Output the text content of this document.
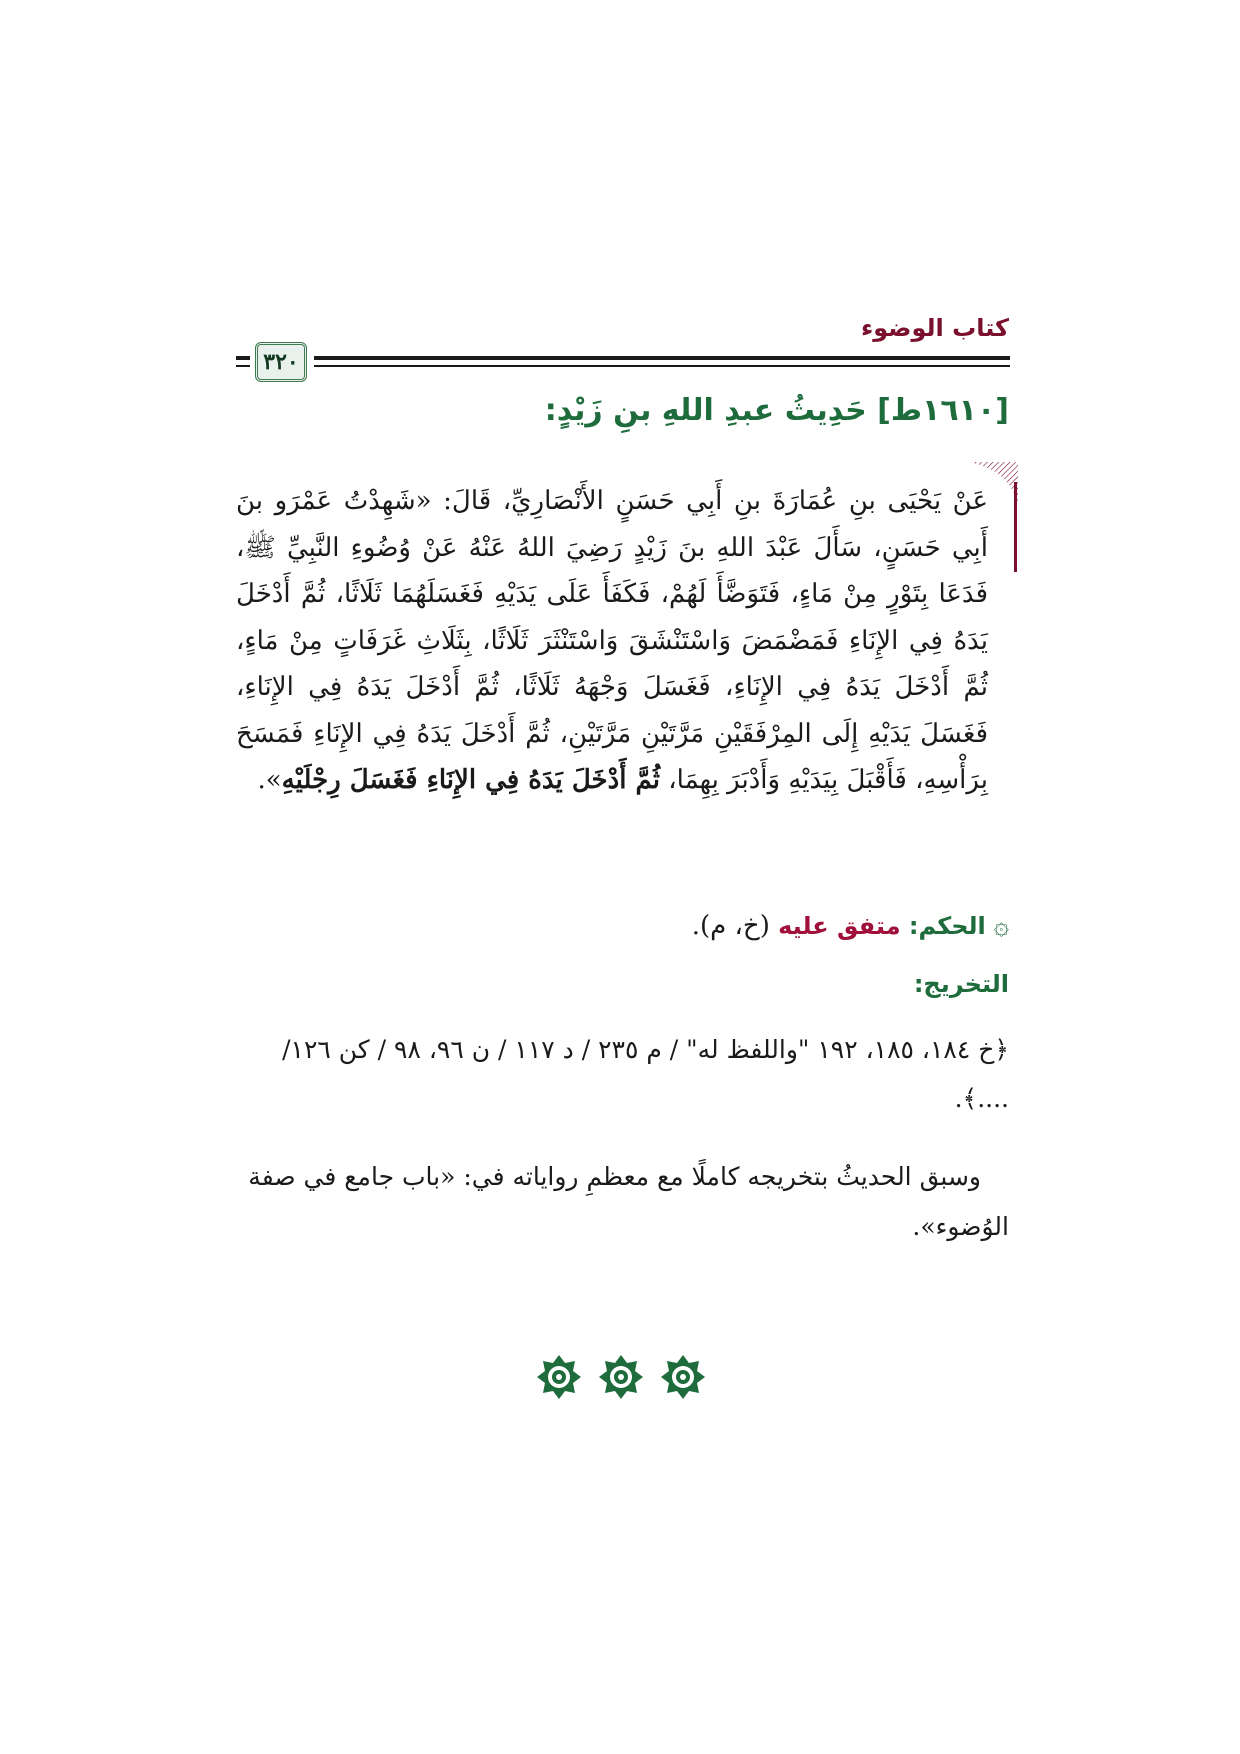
كتاب الوضوء
٣٢٠
[١٦١٠ط] حَدِيثُ عبدِ اللهِ بنِ زَيْدٍ:
عَنْ يَحْيَى بنِ عُمَارَةَ بنِ أَبِي حَسَنٍ الأَنْصَارِيِّ، قَالَ: «شَهِدْتُ عَمْرَو بنَ أَبِي حَسَنٍ، سَأَلَ عَبْدَ اللهِ بنَ زَيْدٍ رَضِيَ اللهُ عَنْهُ عَنْ وُضُوءِ النَّبِيِّ ﷺ، فَدَعَا بِتَوْرٍ مِنْ مَاءٍ، فَتَوَضَّأَ لَهُمْ، فَكَفَأَ عَلَى يَدَيْهِ فَغَسَلَهُمَا ثَلَاثًا، ثُمَّ أَدْخَلَ يَدَهُ فِي الإِنَاءِ فَمَضْمَضَ وَاسْتَنْشَقَ وَاسْتَنْثَرَ ثَلَاثًا، بِثَلَاثِ غَرَفَاتٍ مِنْ مَاءٍ، ثُمَّ أَدْخَلَ يَدَهُ فِي الإِنَاءِ، فَغَسَلَ وَجْهَهُ ثَلَاثًا، ثُمَّ أَدْخَلَ يَدَهُ فِي الإِنَاءِ، فَغَسَلَ يَدَيْهِ إِلَى المِرْفَقَيْنِ مَرَّتَيْنِ مَرَّتَيْنِ، ثُمَّ أَدْخَلَ يَدَهُ فِي الإِنَاءِ فَمَسَحَ بِرَأْسِهِ، فَأَقْبَلَ بِيَدَيْهِ وَأَدْبَرَ بِهِمَا، ثُمَّ أَدْخَلَ يَدَهُ فِي الإِنَاءِ فَغَسَلَ رِجْلَيْهِ».
۞الحكم: متفق عليه (خ، م).
التخريج:
﴿خ ١٨٤، ١٨٥، ١٩٢ "واللفظ له" / م ٢٣٥ / د ١١٧ / ن ٩٦، ٩٨ / كن ١٢٦/ ....﴾.
وسبق الحديثُ بتخريجه كاملًا مع معظمِ رواياته في: «باب جامع في صفة الوُضوء».
